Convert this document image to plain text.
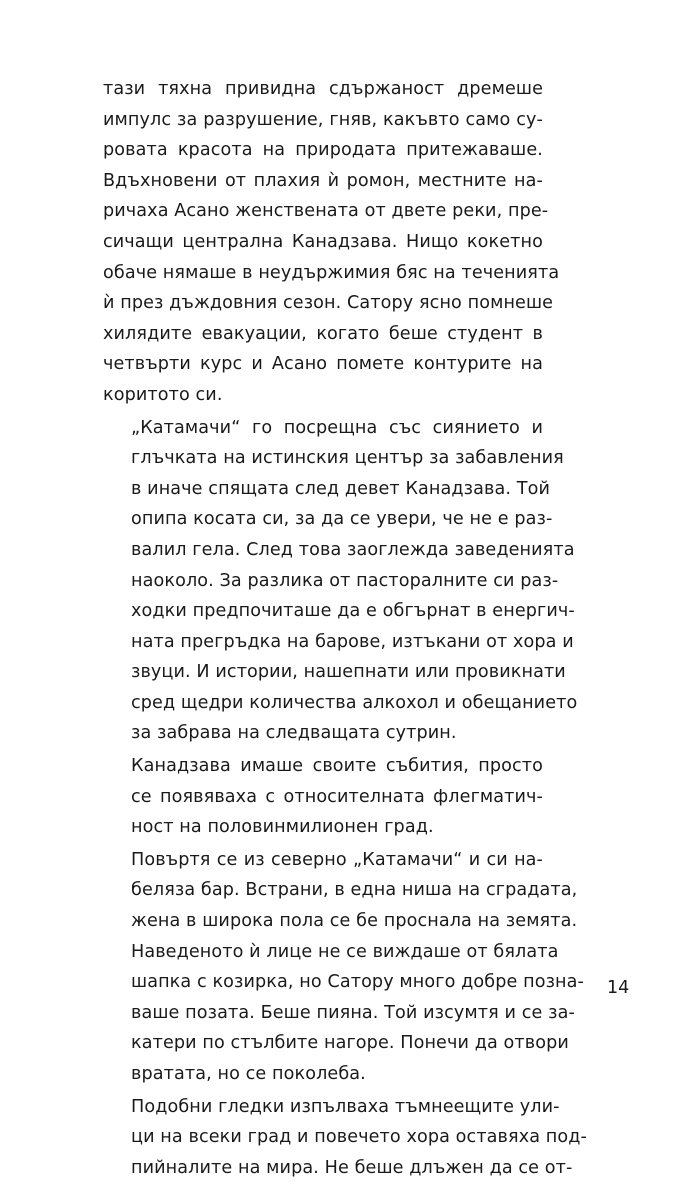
тази тяхна привидна сдържаност дремеше
импулс за разрушение, гняв, какъвто само су-
ровата красота на природата притежаваше.
Вдъхновени от плахия ѝ ромон, местните на-
ричаха Асано женствената от двете реки, пре-
сичащи централна Канадзава. Нищо кокетно
обаче нямаше в неудържимия бяс на теченията
ѝ през дъждовния сезон. Сатору ясно помнеше
хилядите евакуации, когато беше студент в
четвърти курс и Асано помете контурите на
коритото си.

„Катамачи“ го посрещна със сиянието и
глъчката на истинския център за забавления
в иначе спящата след девет Канадзава. Той
опипа косата си, за да се увери, че не е раз-
валил гела. След това заоглежда заведенията
наоколо. За разлика от пасторалните си раз-
ходки предпочиташе да е обгърнат в енергич-
ната прегръдка на барове, изтъкани от хора и
звуци. И истории, нашепнати или провикнати
сред щедри количества алкохол и обещанието
за забрава на следващата сутрин.

Канадзава имаше своите събития, просто
се появяваха с относителната флегматич-
ност на половинмилионен град.

Повъртя се из северно „Катамачи“ и си на-
беляза бар. Встрани, в една ниша на сградата,
жена в широка пола се бе проснала на земята.
Наведеното ѝ лице не се виждаше от бялата
шапка с козирка, но Сатору много добре позна-
ваше позата. Беше пияна. Той изсумтя и се за-
катери по стълбите нагоре. Понечи да отвори
вратата, но се поколеба.

Подобни гледки изпълваха тъмнеещите ули-
ци на всеки град и повечето хора оставяха под-
пийналите на мира. Не беше длъжен да се от-

14
